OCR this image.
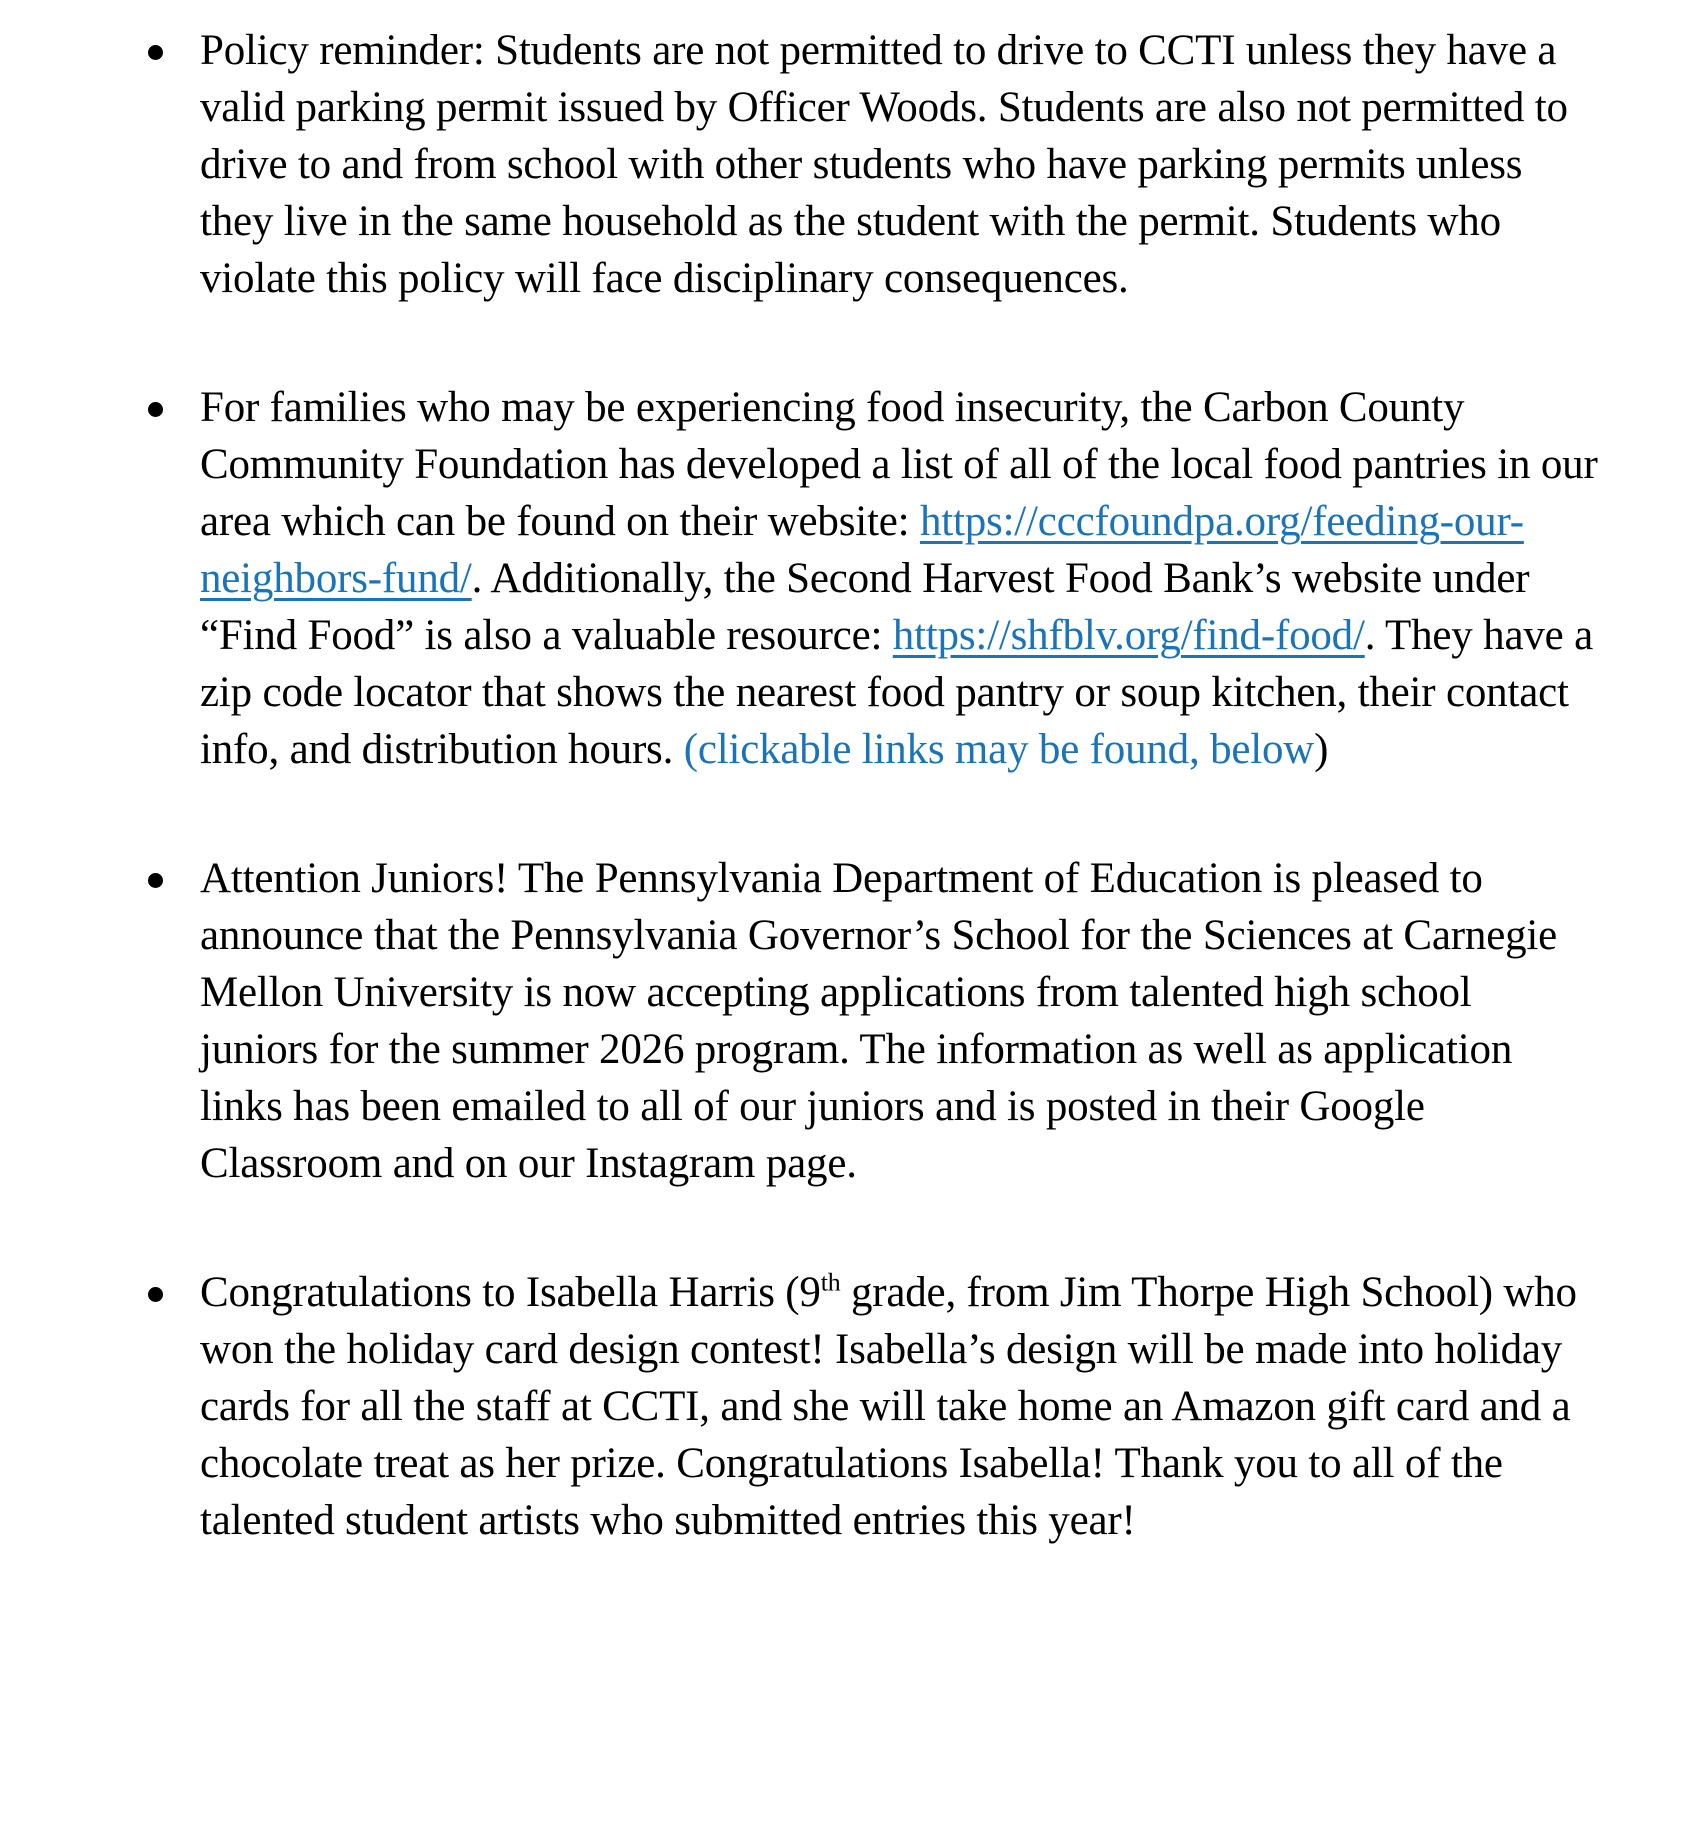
Policy reminder: Students are not permitted to drive to CCTI unless they have a valid parking permit issued by Officer Woods. Students are also not permitted to drive to and from school with other students who have parking permits unless they live in the same household as the student with the permit. Students who violate this policy will face disciplinary consequences.

For families who may be experiencing food insecurity, the Carbon County Community Foundation has developed a list of all of the local food pantries in our area which can be found on their website: https://cccfoundpa.org/feeding-our-neighbors-fund/. Additionally, the Second Harvest Food Bank’s website under “Find Food” is also a valuable resource: https://shfblv.org/find-food/. They have a zip code locator that shows the nearest food pantry or soup kitchen, their contact info, and distribution hours. (clickable links may be found, below)

Attention Juniors! The Pennsylvania Department of Education is pleased to announce that the Pennsylvania Governor’s School for the Sciences at Carnegie Mellon University is now accepting applications from talented high school juniors for the summer 2026 program. The information as well as application links has been emailed to all of our juniors and is posted in their Google Classroom and on our Instagram page.

Congratulations to Isabella Harris (9th grade, from Jim Thorpe High School) who won the holiday card design contest! Isabella’s design will be made into holiday cards for all the staff at CCTI, and she will take home an Amazon gift card and a chocolate treat as her prize. Congratulations Isabella! Thank you to all of the talented student artists who submitted entries this year!
